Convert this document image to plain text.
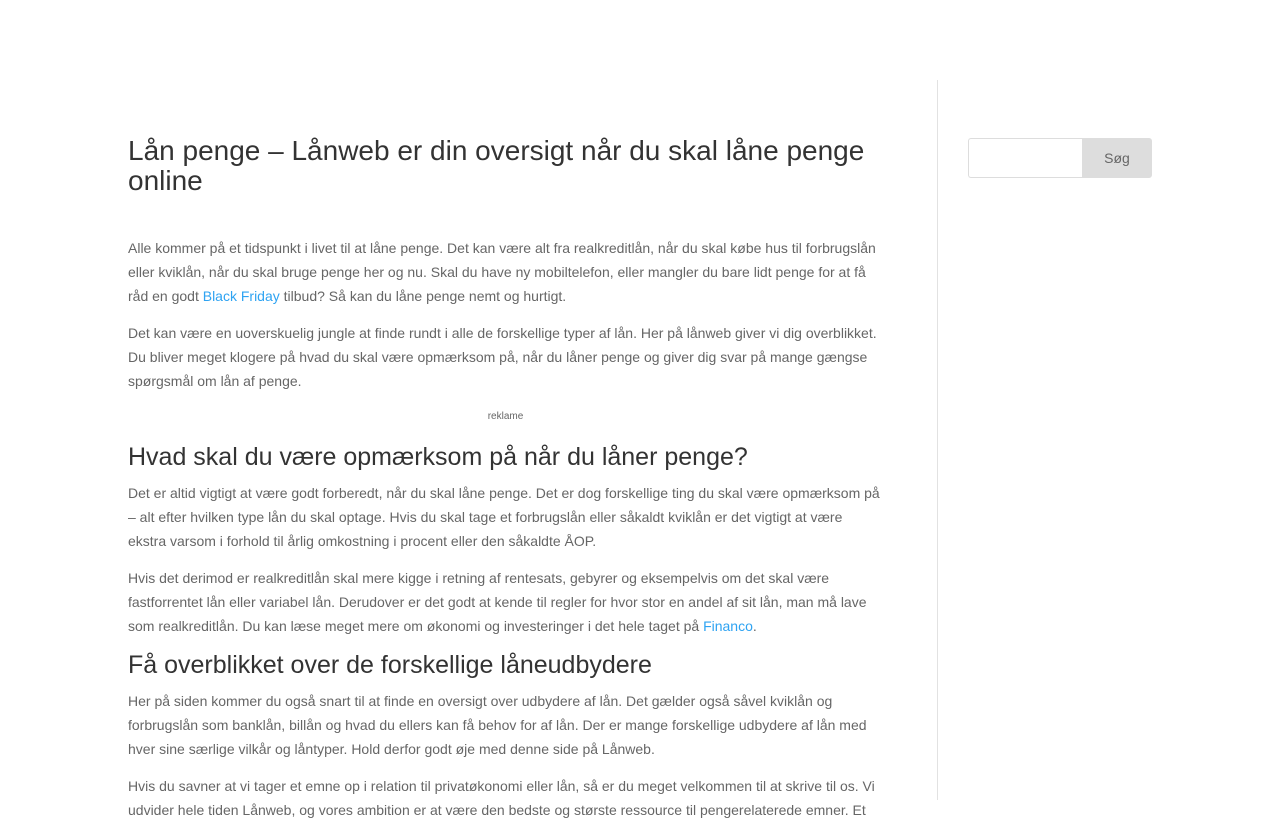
Lån penge – Lånweb er din oversigt når du skal låne penge online

Alle kommer på et tidspunkt i livet til at låne penge. Det kan være alt fra realkreditlån, når du skal købe hus til forbrugslån eller kviklån, når du skal bruge penge her og nu. Skal du have ny mobiltelefon, eller mangler du bare lidt penge for at få råd en godt Black Friday tilbud? Så kan du låne penge nemt og hurtigt.

Det kan være en uoverskuelig jungle at finde rundt i alle de forskellige typer af lån. Her på lånweb giver vi dig overblikket. Du bliver meget klogere på hvad du skal være opmærksom på, når du låner penge og giver dig svar på mange gængse spørgsmål om lån af penge.

reklame
Hvad skal du være opmærksom på når du låner penge?

Det er altid vigtigt at være godt forberedt, når du skal låne penge. Det er dog forskellige ting du skal være opmærksom på – alt efter hvilken type lån du skal optage. Hvis du skal tage et forbrugslån eller såkaldt kviklån er det vigtigt at være ekstra varsom i forhold til årlig omkostning i procent eller den såkaldte ÅOP.

Hvis det derimod er realkreditlån skal mere kigge i retning af rentesats, gebyrer og eksempelvis om det skal være fastforrentet lån eller variabel lån. Derudover er det godt at kende til regler for hvor stor en andel af sit lån, man må lave som realkreditlån. Du kan læse meget mere om økonomi og investeringer i det hele taget på Financo.

Få overblikket over de forskellige låneudbydere

Her på siden kommer du også snart til at finde en oversigt over udbydere af lån. Det gælder også såvel kviklån og forbrugslån som banklån, billån og hvad du ellers kan få behov for af lån. Der er mange forskellige udbydere af lån med hver sine særlige vilkår og låntyper. Hold derfor godt øje med denne side på Lånweb.

Hvis du savner at vi tager et emne op i relation til privatøkonomi eller lån, så er du meget velkommen til at skrive til os. Vi udvider hele tiden Lånweb, og vores ambition er at være den bedste og største ressource til pengerelaterede emner. Et

Søg
